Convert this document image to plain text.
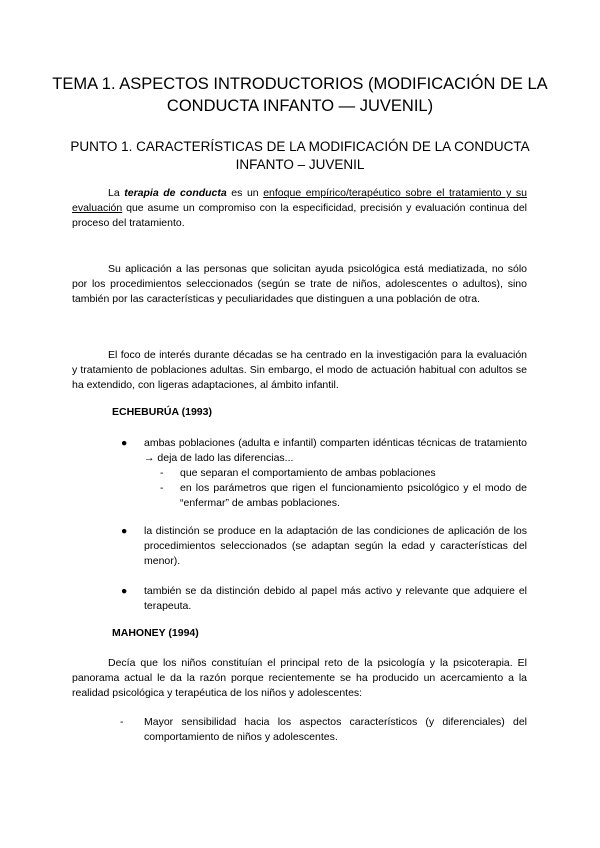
TEMA 1. ASPECTOS INTRODUCTORIOS (MODIFICACIÓN DE LA CONDUCTA INFANTO — JUVENIL)
PUNTO 1. CARACTERÍSTICAS DE LA MODIFICACIÓN DE LA CONDUCTA INFANTO – JUVENIL

La terapia de conducta es un enfoque empírico/terapéutico sobre el tratamiento y su evaluación que asume un compromiso con la especificidad, precisión y evaluación continua del proceso del tratamiento.

Su aplicación a las personas que solicitan ayuda psicológica está mediatizada, no sólo por los procedimientos seleccionados (según se trate de niños, adolescentes o adultos), sino también por las características y peculiaridades que distinguen a una población de otra.

El foco de interés durante décadas se ha centrado en la investigación para la evaluación y tratamiento de poblaciones adultas. Sin embargo, el modo de actuación habitual con adultos se ha extendido, con ligeras adaptaciones, al ámbito infantil.

ECHEBURÚA (1993)

●	ambas poblaciones (adulta e infantil) comparten idénticas técnicas de tratamiento → deja de lado las diferencias...
-	que separan el comportamiento de ambas poblaciones
-	en los parámetros que rigen el funcionamiento psicológico y el modo de “enfermar” de ambas poblaciones.
●	la distinción se produce en la adaptación de las condiciones de aplicación de los procedimientos seleccionados (se adaptan según la edad y características del menor).
●	también se da distinción debido al papel más activo y relevante que adquiere el terapeuta.

MAHONEY (1994)

Decía que los niños constituían el principal reto de la psicología y la psicoterapia. El panorama actual le da la razón porque recientemente se ha producido un acercamiento a la realidad psicológica y terapéutica de los niños y adolescentes:

-	Mayor sensibilidad hacia los aspectos característicos (y diferenciales) del comportamiento de niños y adolescentes.
